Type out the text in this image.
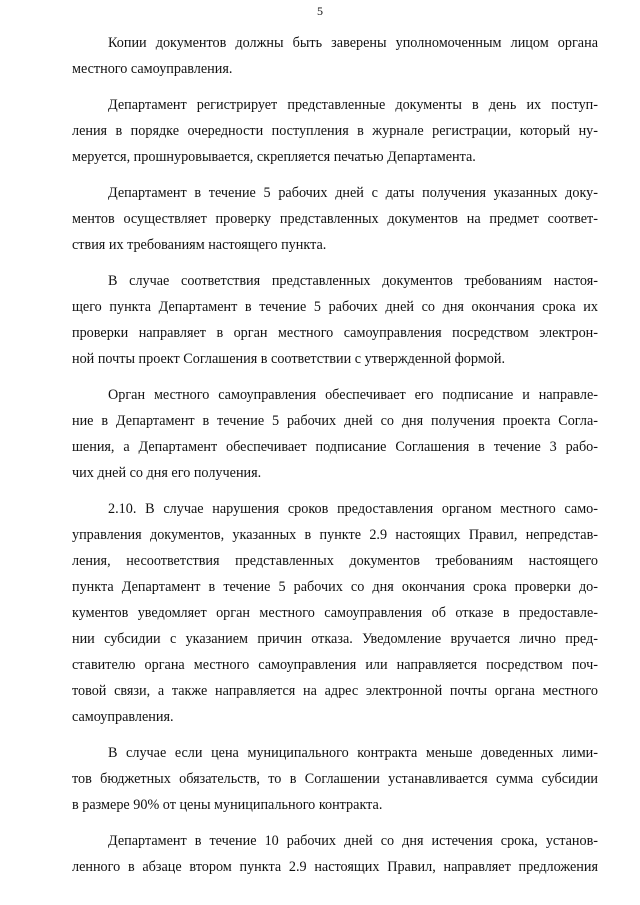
5
Копии документов должны быть заверены уполномоченным лицом органа
местного самоуправления.
Департамент регистрирует представленные документы в день их поступ-
ления в порядке очередности поступления в журнале регистрации, который ну-
меруется, прошнуровывается, скрепляется печатью Департамента.
Департамент в течение 5 рабочих дней с даты получения указанных доку-
ментов осуществляет проверку представленных документов на предмет соответ-
ствия их требованиям настоящего пункта.
В случае соответствия представленных документов требованиям настоя-
щего пункта Департамент в течение 5 рабочих дней со дня окончания срока их
проверки направляет в орган местного самоуправления посредством электрон-
ной почты проект Соглашения в соответствии с утвержденной формой.
Орган местного самоуправления обеспечивает его подписание и направле-
ние в Департамент в течение 5 рабочих дней со дня получения проекта Согла-
шения, а Департамент обеспечивает подписание Соглашения в течение 3 рабо-
чих дней со дня его получения.
2.10. В случае нарушения сроков предоставления органом местного само-
управления документов, указанных в пункте 2.9 настоящих Правил, непредстав-
ления, несоответствия представленных документов требованиям настоящего
пункта Департамент в течение 5 рабочих со дня окончания срока проверки до-
кументов уведомляет орган местного самоуправления об отказе в предоставле-
нии субсидии с указанием причин отказа. Уведомление вручается лично пред-
ставителю органа местного самоуправления или направляется посредством поч-
товой связи, а также направляется на адрес электронной почты органа местного
самоуправления.
В случае если цена муниципального контракта меньше доведенных лими-
тов бюджетных обязательств, то в Соглашении устанавливается сумма субсидии
в размере 90% от цены муниципального контракта.
Департамент в течение 10 рабочих дней со дня истечения срока, установ-
ленного в абзаце втором пункта 2.9 настоящих Правил, направляет предложения
